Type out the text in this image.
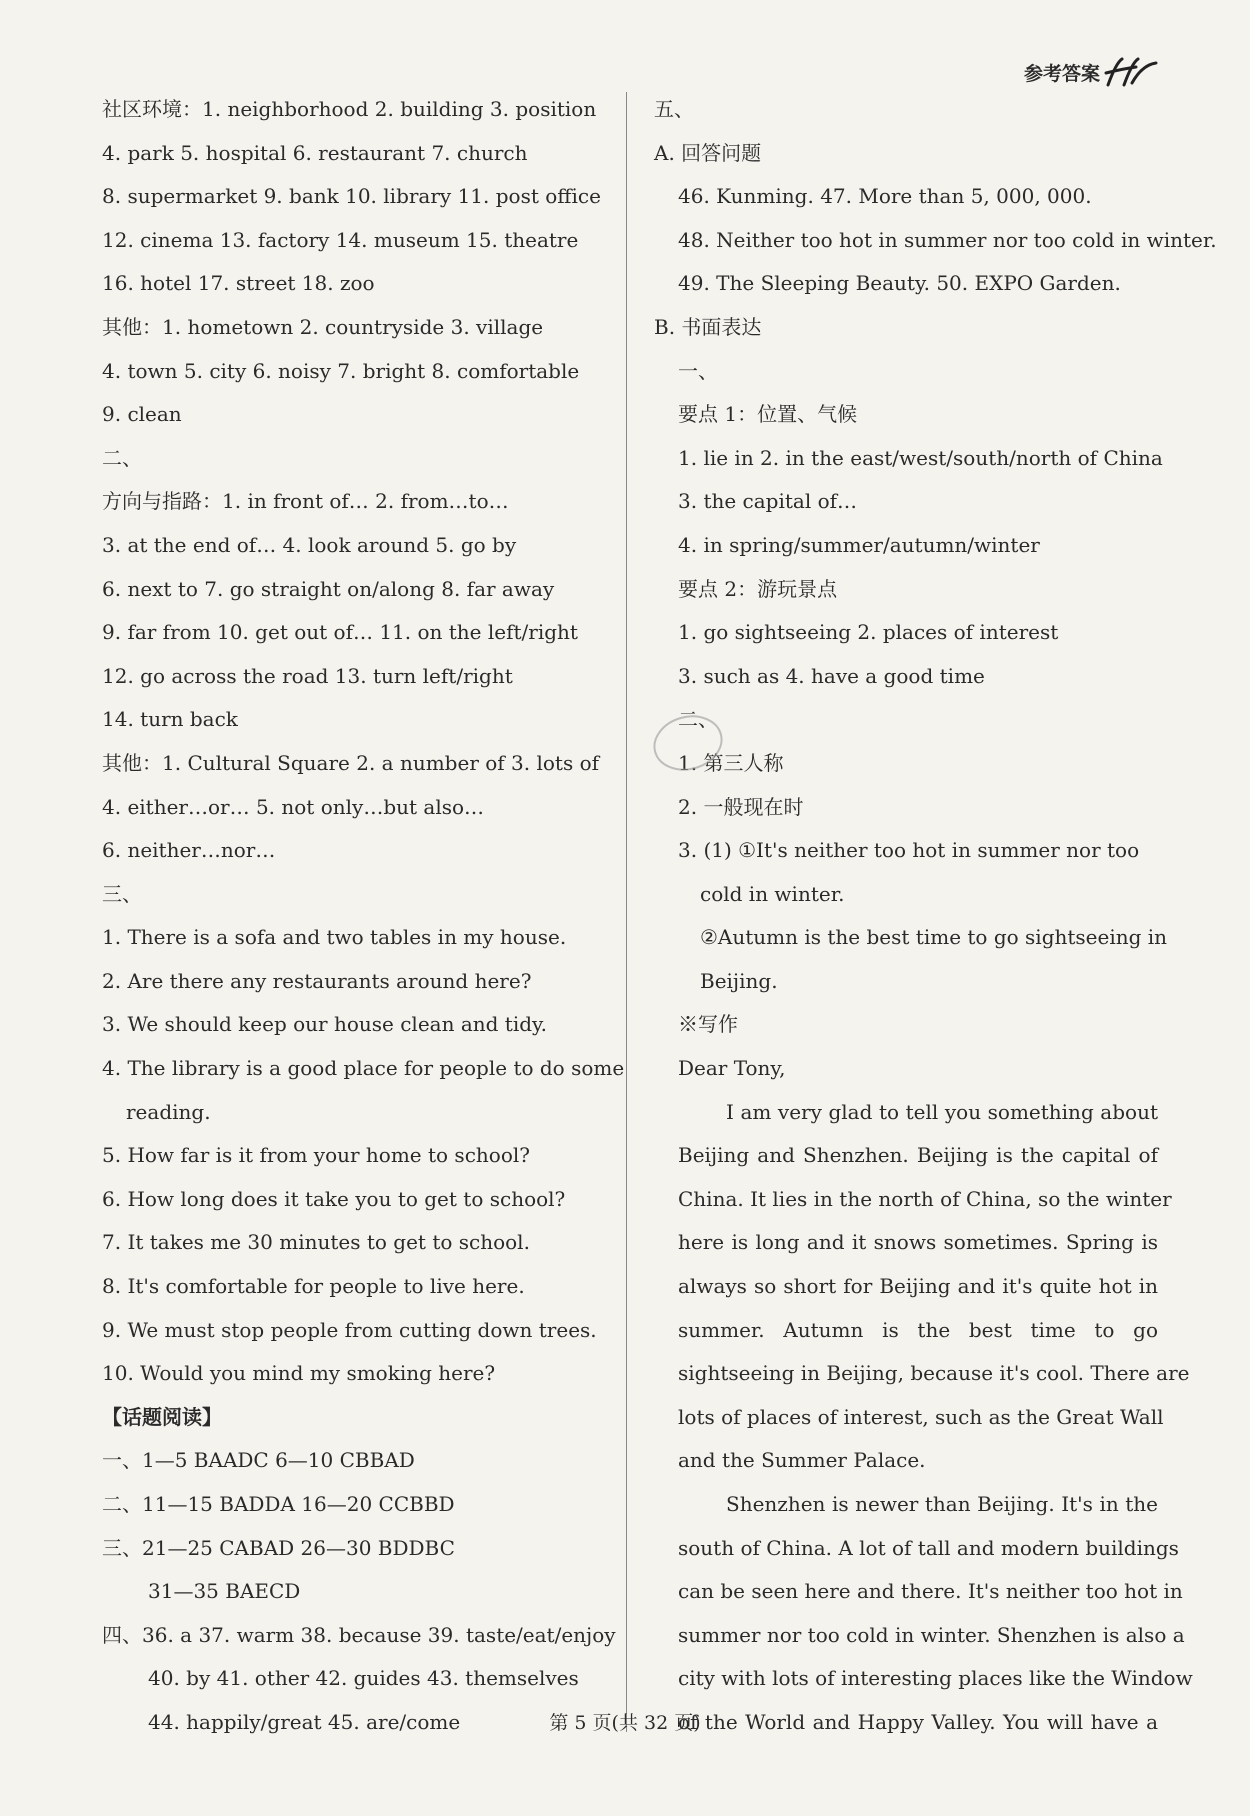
参考答案
社区环境：1. neighborhood 2. building 3. position
4. park 5. hospital 6. restaurant 7. church
8. supermarket 9. bank 10. library 11. post office
12. cinema 13. factory 14. museum 15. theatre
16. hotel 17. street 18. zoo
其他：1. hometown 2. countryside 3. village
4. town 5. city 6. noisy 7. bright 8. comfortable
9. clean
二、
方向与指路：1. in front of… 2. from…to…
3. at the end of… 4. look around 5. go by
6. next to 7. go straight on/along 8. far away
9. far from 10. get out of… 11. on the left/right
12. go across the road 13. turn left/right
14. turn back
其他：1. Cultural Square 2. a number of 3. lots of
4. either…or… 5. not only…but also…
6. neither…nor…
三、
1. There is a sofa and two tables in my house.
2. Are there any restaurants around here?
3. We should keep our house clean and tidy.
4. The library is a good place for people to do some
reading.
5. How far is it from your home to school?
6. How long does it take you to get to school?
7. It takes me 30 minutes to get to school.
8. It's comfortable for people to live here.
9. We must stop people from cutting down trees.
10. Would you mind my smoking here?
【话题阅读】
一、1—5 BAADC 6—10 CBBAD
二、11—15 BADDA 16—20 CCBBD
三、21—25 CABAD 26—30 BDDBC
31—35 BAECD
四、36. a 37. warm 38. because 39. taste/eat/enjoy
40. by 41. other 42. guides 43. themselves
44. happily/great 45. are/come
五、
A. 回答问题
46. Kunming. 47. More than 5, 000, 000.
48. Neither too hot in summer nor too cold in winter.
49. The Sleeping Beauty. 50. EXPO Garden.
B. 书面表达
一、
要点 1：位置、气候
1. lie in 2. in the east/west/south/north of China
3. the capital of…
4. in spring/summer/autumn/winter
要点 2：游玩景点
1. go sightseeing 2. places of interest
3. such as 4. have a good time
二、
1. 第三人称
2. 一般现在时
3. (1) ①It's neither too hot in summer nor too
cold in winter.
②Autumn is the best time to go sightseeing in
Beijing.
※写作
Dear Tony,
I am very glad to tell you something about
Beijing and Shenzhen. Beijing is the capital of
China. It lies in the north of China, so the winter
here is long and it snows sometimes. Spring is
always so short for Beijing and it's quite hot in
summer. Autumn is the best time to go
sightseeing in Beijing, because it's cool. There are
lots of places of interest, such as the Great Wall
and the Summer Palace.
Shenzhen is newer than Beijing. It's in the
south of China. A lot of tall and modern buildings
can be seen here and there. It's neither too hot in
summer nor too cold in winter. Shenzhen is also a
city with lots of interesting places like the Window
of the World and Happy Valley. You will have a
第 5 页(共 32 页)
